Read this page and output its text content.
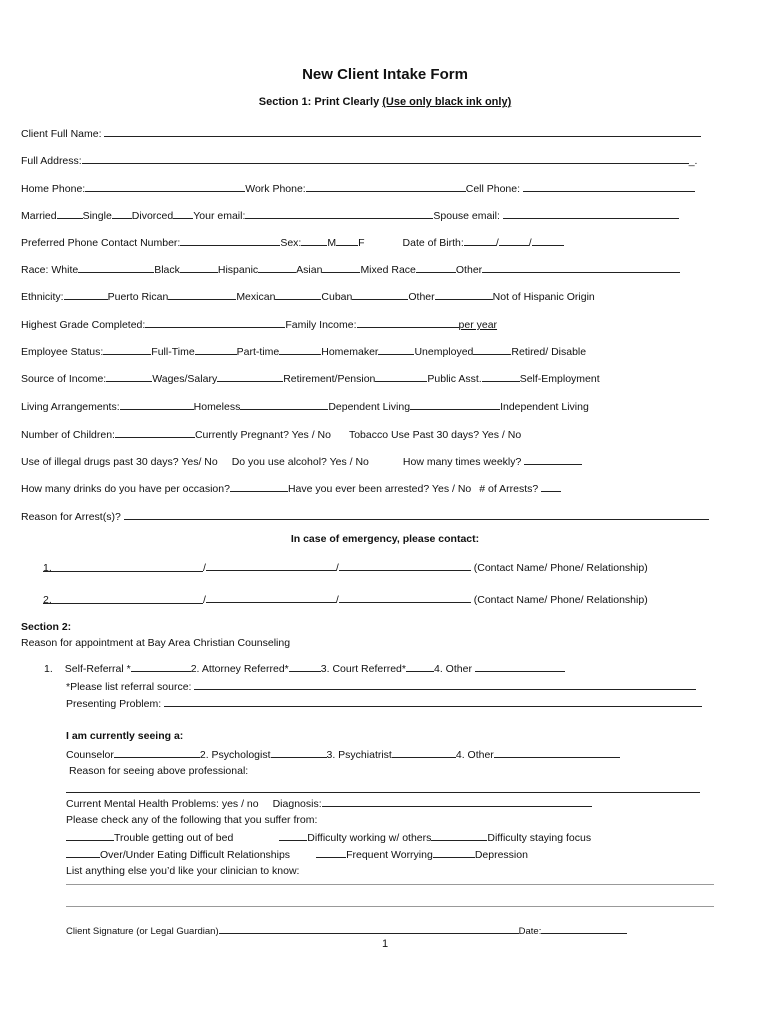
New Client Intake Form
Section 1: Print Clearly (Use only black ink only)
Client Full Name:
Full Address:	_.
Home Phone:	Work Phone:	Cell Phone:
Married Single Divorced Your email:	Spouse email:
Preferred Phone Contact Number:	Sex: M F	Date of Birth:	/	/
Race: White	Black	Hispanic	Asian	Mixed Race	Other
Ethnicity:	Puerto Rican	Mexican	Cuban	Other	Not of Hispanic Origin
Highest Grade Completed:	Family Income:	per year
Employee Status:	Full-Time	Part-time	Homemaker	Unemployed	Retired/ Disable
Source of Income:	Wages/Salary	Retirement/Pension	Public Asst.	Self-Employment
Living Arrangements:	Homeless	Dependent Living	Independent Living
Number of Children:	Currently Pregnant? Yes / No Tobacco Use Past 30 days? Yes / No
Use of illegal drugs past 30 days? Yes/ No Do you use alcohol? Yes / No	How many times weekly?
How many drinks do you have per occasion?	Have you ever been arrested? Yes / No # of Arrests?
Reason for Arrest(s)?
In case of emergency, please contact:
1.	/	/	(Contact Name/ Phone/ Relationship)
2.	/	/	(Contact Name/ Phone/ Relationship)
Section 2:
Reason for appointment at Bay Area Christian Counseling
1. Self-Referral *	2. Attorney Referred*	3. Court Referred*	4. Other
*Please list referral source:
Presenting Problem:
I am currently seeing a:
Counselor	2. Psychologist	3. Psychiatrist	4. Other
Reason for seeing above professional:
Current Mental Health Problems: yes / no Diagnosis:
Please check any of the following that you suffer from:
Trouble getting out of bed	Difficulty working w/ others	Difficulty staying focus
Over/Under Eating Difficult Relationships	Frequent Worrying	Depression
List anything else you’d like your clinician to know:
Client Signature (or Legal Guardian)	Date:
1
